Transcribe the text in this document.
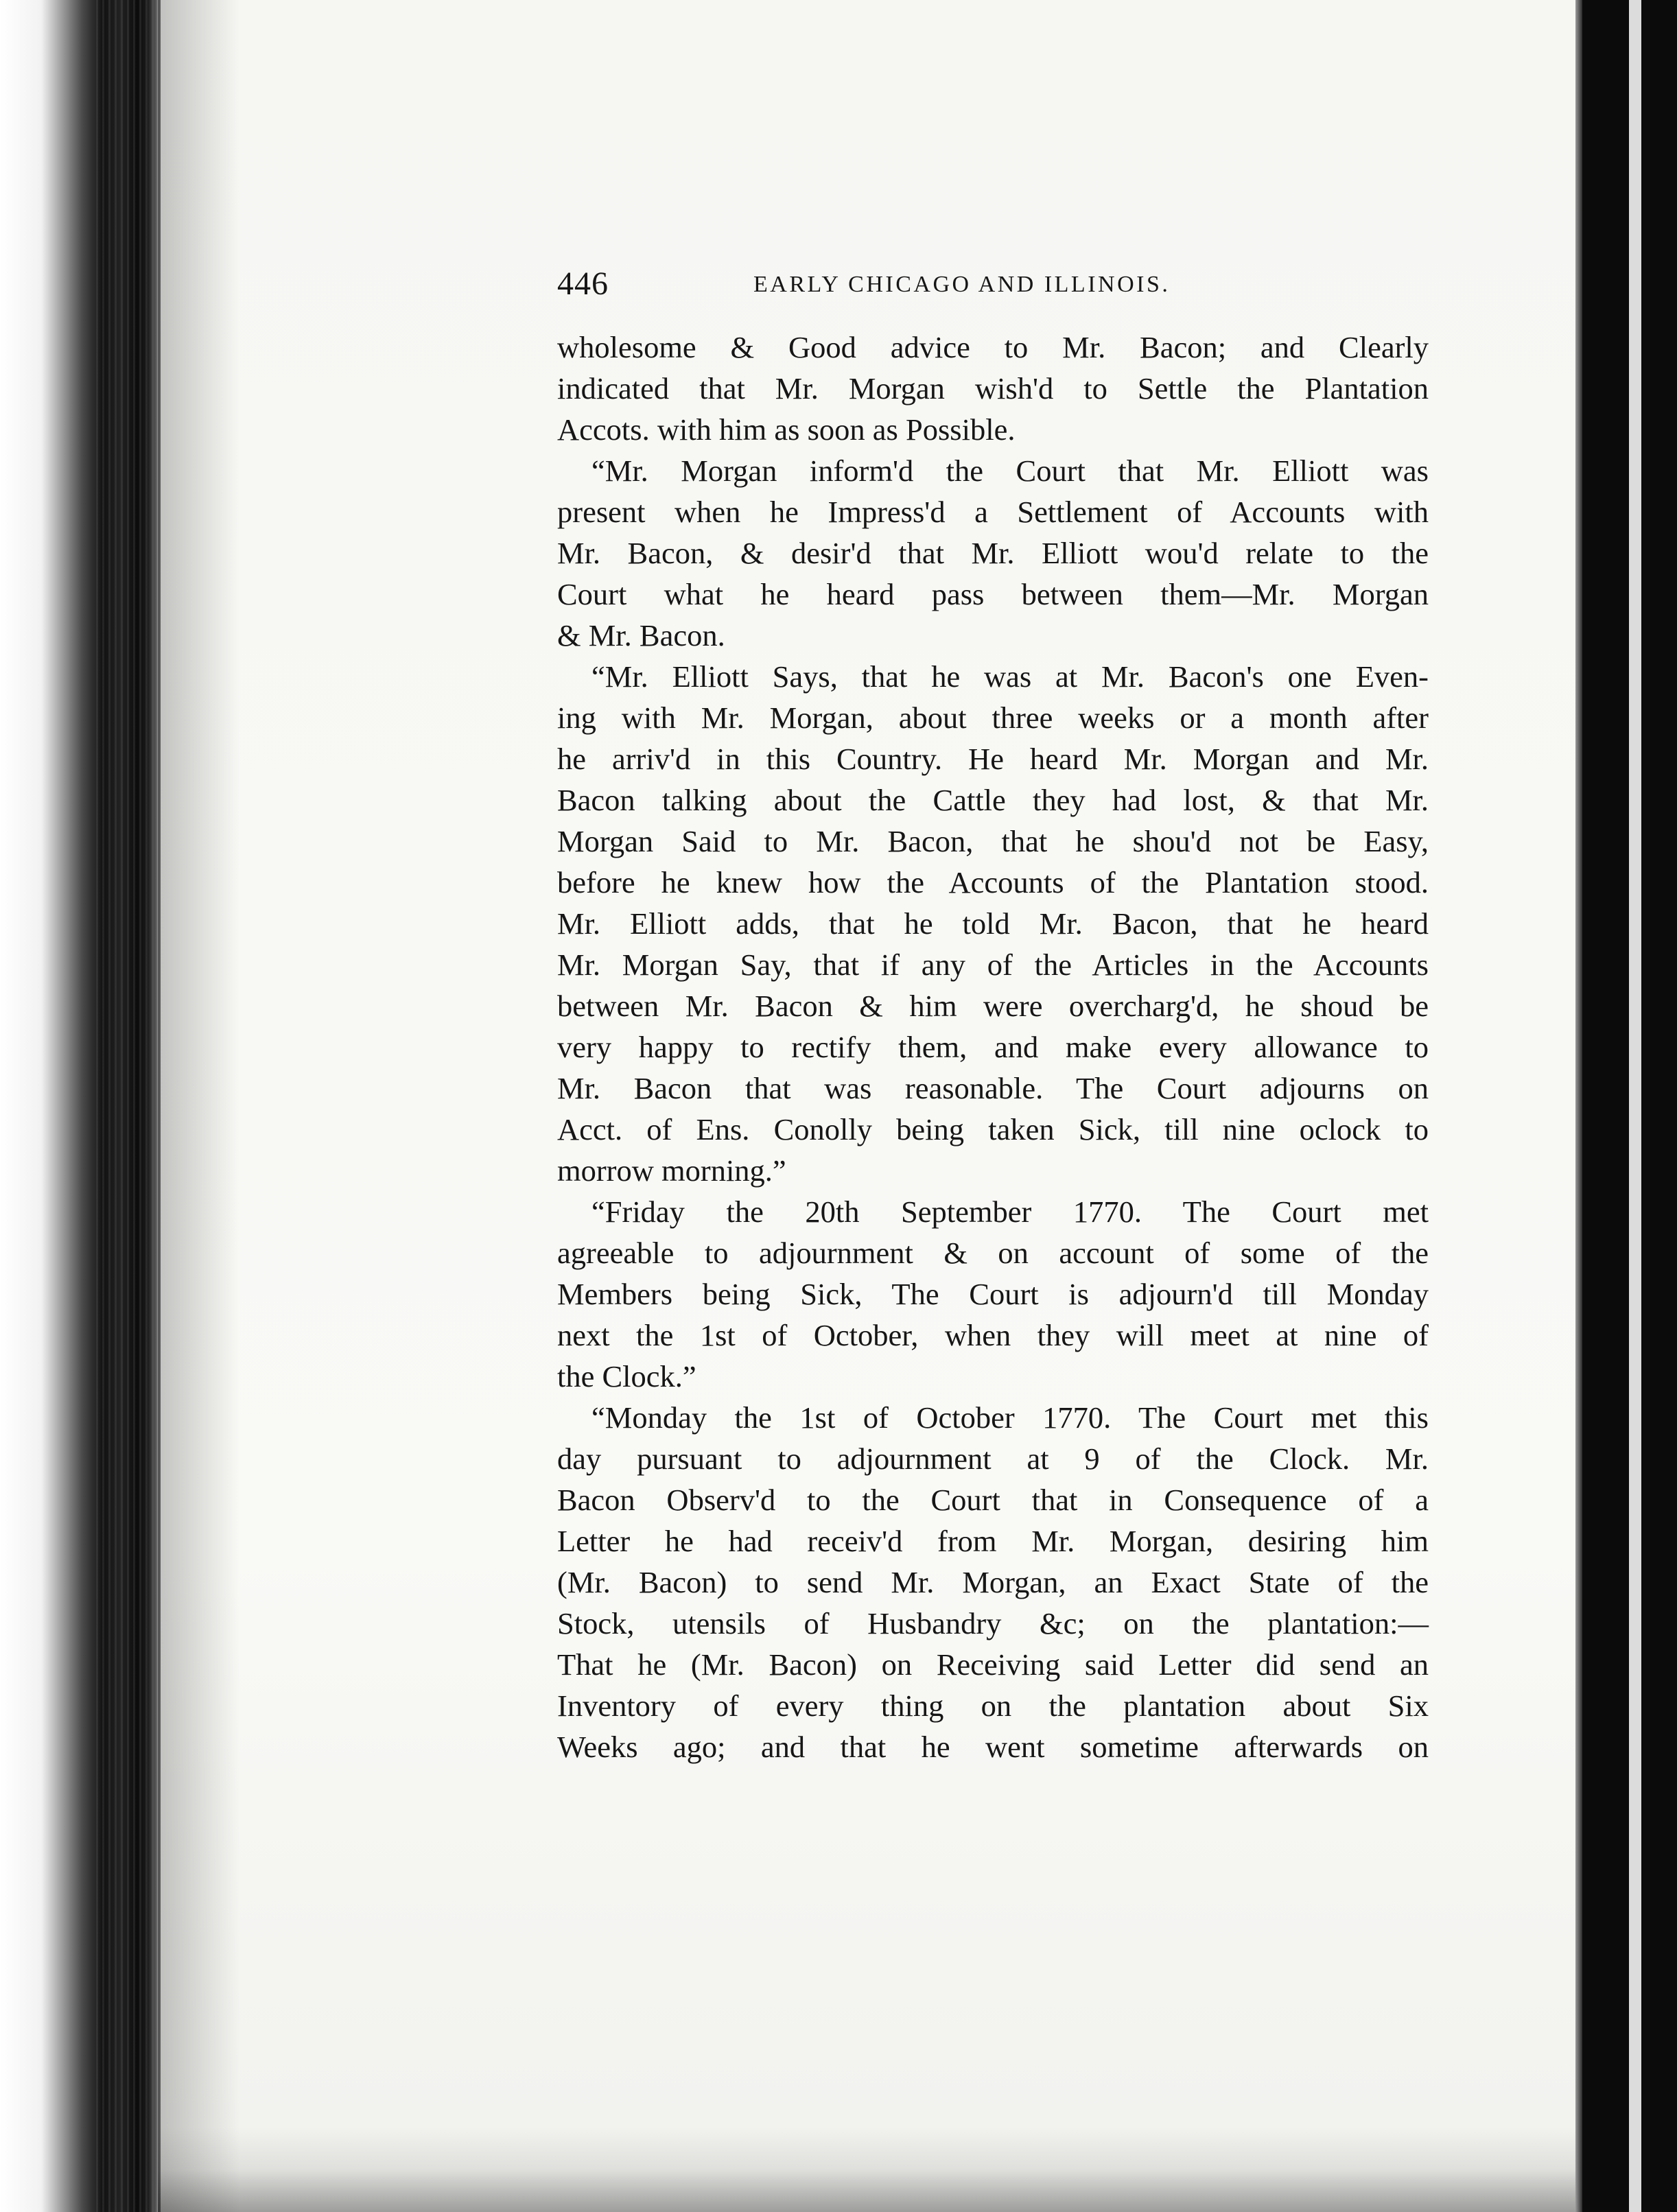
446	EARLY CHICAGO AND ILLINOIS.
wholesome & Good advice to Mr. Bacon; and Clearly
indicated that Mr. Morgan wish'd to Settle the Plantation
Accots. with him as soon as Possible.
“Mr. Morgan inform'd the Court that Mr. Elliott was
present when he Impress'd a Settlement of Accounts with
Mr. Bacon, & desir'd that Mr. Elliott wou'd relate to the
Court what he heard pass between them—Mr. Morgan
& Mr. Bacon.
“Mr. Elliott Says, that he was at Mr. Bacon's one Even-
ing with Mr. Morgan, about three weeks or a month after
he arriv'd in this Country. He heard Mr. Morgan and Mr.
Bacon talking about the Cattle they had lost, & that Mr.
Morgan Said to Mr. Bacon, that he shou'd not be Easy,
before he knew how the Accounts of the Plantation stood.
Mr. Elliott adds, that he told Mr. Bacon, that he heard
Mr. Morgan Say, that if any of the Articles in the Accounts
between Mr. Bacon & him were overcharg'd, he shoud be
very happy to rectify them, and make every allowance to
Mr. Bacon that was reasonable. The Court adjourns on
Acct. of Ens. Conolly being taken Sick, till nine oclock to
morrow morning.”
“Friday the 20th September 1770. The Court met
agreeable to adjournment & on account of some of the
Members being Sick, The Court is adjourn'd till Monday
next the 1st of October, when they will meet at nine of
the Clock.”
“Monday the 1st of October 1770. The Court met this
day pursuant to adjournment at 9 of the Clock. Mr.
Bacon Observ'd to the Court that in Consequence of a
Letter he had receiv'd from Mr. Morgan, desiring him
(Mr. Bacon) to send Mr. Morgan, an Exact State of the
Stock, utensils of Husbandry &c; on the plantation:—
That he (Mr. Bacon) on Receiving said Letter did send an
Inventory of every thing on the plantation about Six
Weeks ago; and that he went sometime afterwards on
